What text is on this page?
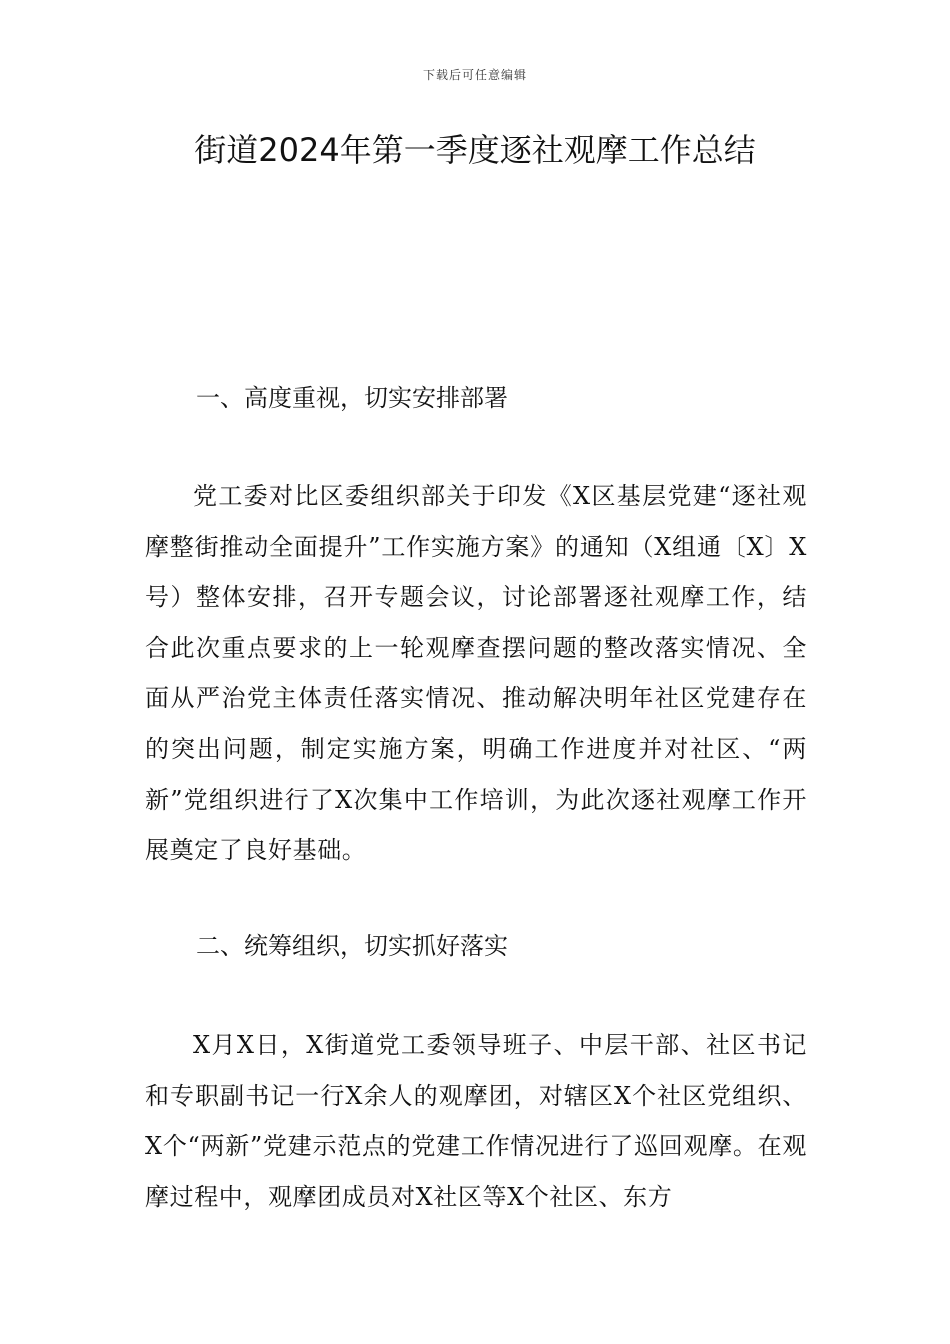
下载后可任意编辑
街道2024年第一季度逐社观摩工作总结
一、高度重视，切实安排部署

党工委对比区委组织部关于印发《X区基层党建“逐社观摩整街推动全面提升”工作实施方案》的通知（X组通〔X〕X号）整体安排，召开专题会议，讨论部署逐社观摩工作，结合此次重点要求的上一轮观摩查摆问题的整改落实情况、全面从严治党主体责任落实情况、推动解决明年社区党建存在的突出问题，制定实施方案，明确工作进度并对社区、“两新”党组织进行了X次集中工作培训，为此次逐社观摩工作开展奠定了良好基础。

二、统筹组织，切实抓好落实

X月X日，X街道党工委领导班子、中层干部、社区书记和专职副书记一行X余人的观摩团，对辖区X个社区党组织、X个“两新”党建示范点的党建工作情况进行了巡回观摩。在观摩过程中，观摩团成员对X社区等X个社区、东方
